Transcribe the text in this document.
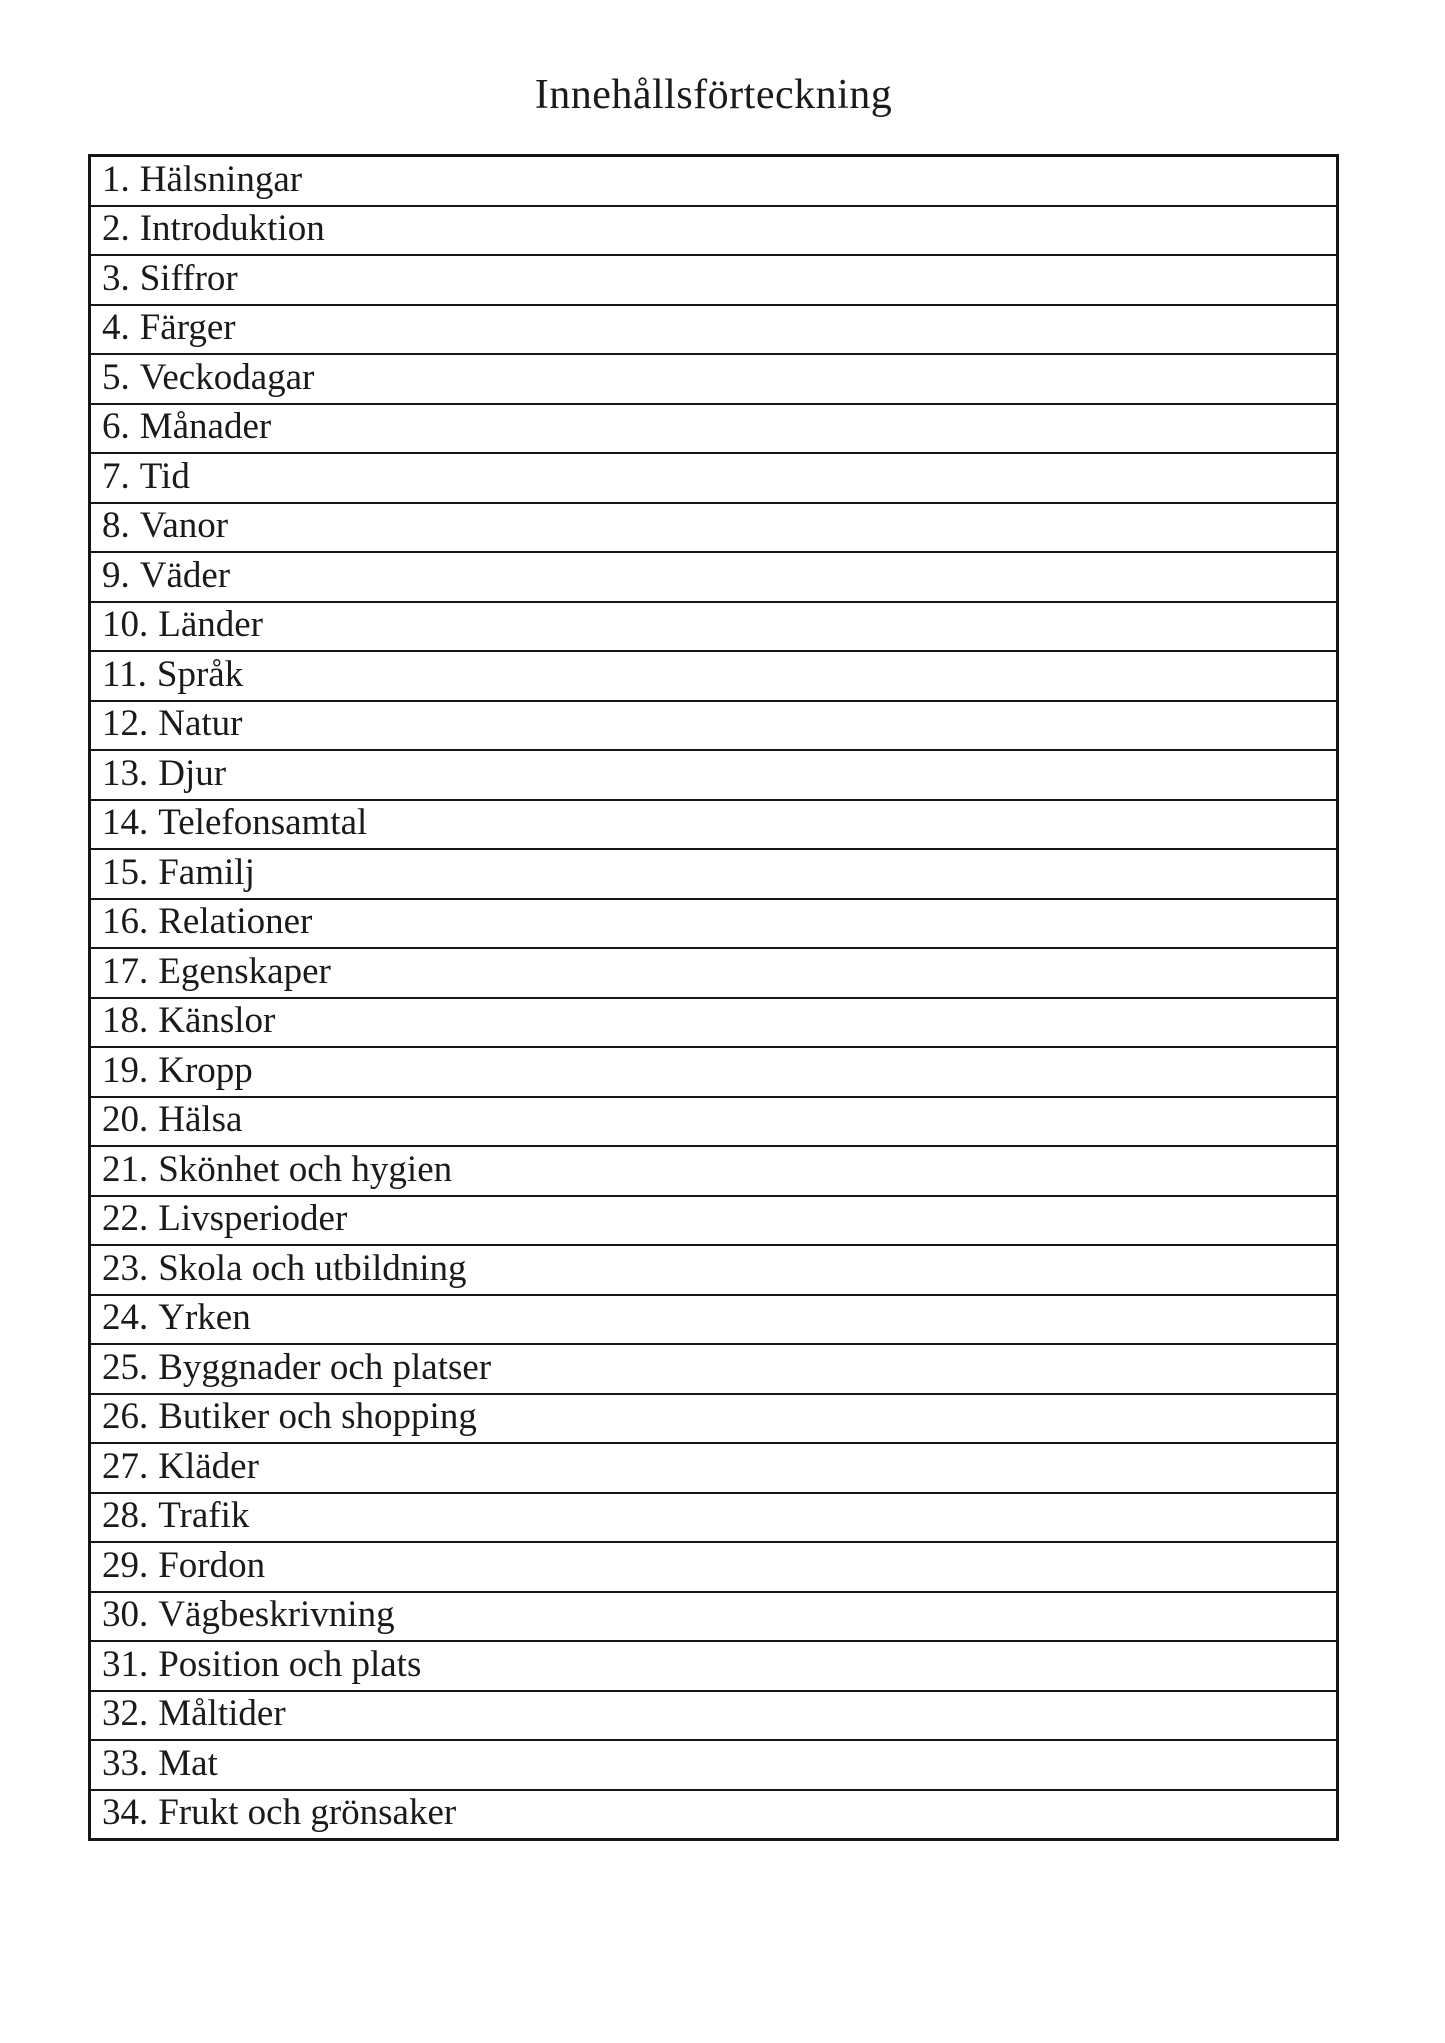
Innehållsförteckning
1. Hälsningar
2. Introduktion
3. Siffror
4. Färger
5. Veckodagar
6. Månader
7. Tid
8. Vanor
9. Väder
10. Länder
11. Språk
12. Natur
13. Djur
14. Telefonsamtal
15. Familj
16. Relationer
17. Egenskaper
18. Känslor
19. Kropp
20. Hälsa
21. Skönhet och hygien
22. Livsperioder
23. Skola och utbildning
24. Yrken
25. Byggnader och platser
26. Butiker och shopping
27. Kläder
28. Trafik
29. Fordon
30. Vägbeskrivning
31. Position och plats
32. Måltider
33. Mat
34. Frukt och grönsaker
